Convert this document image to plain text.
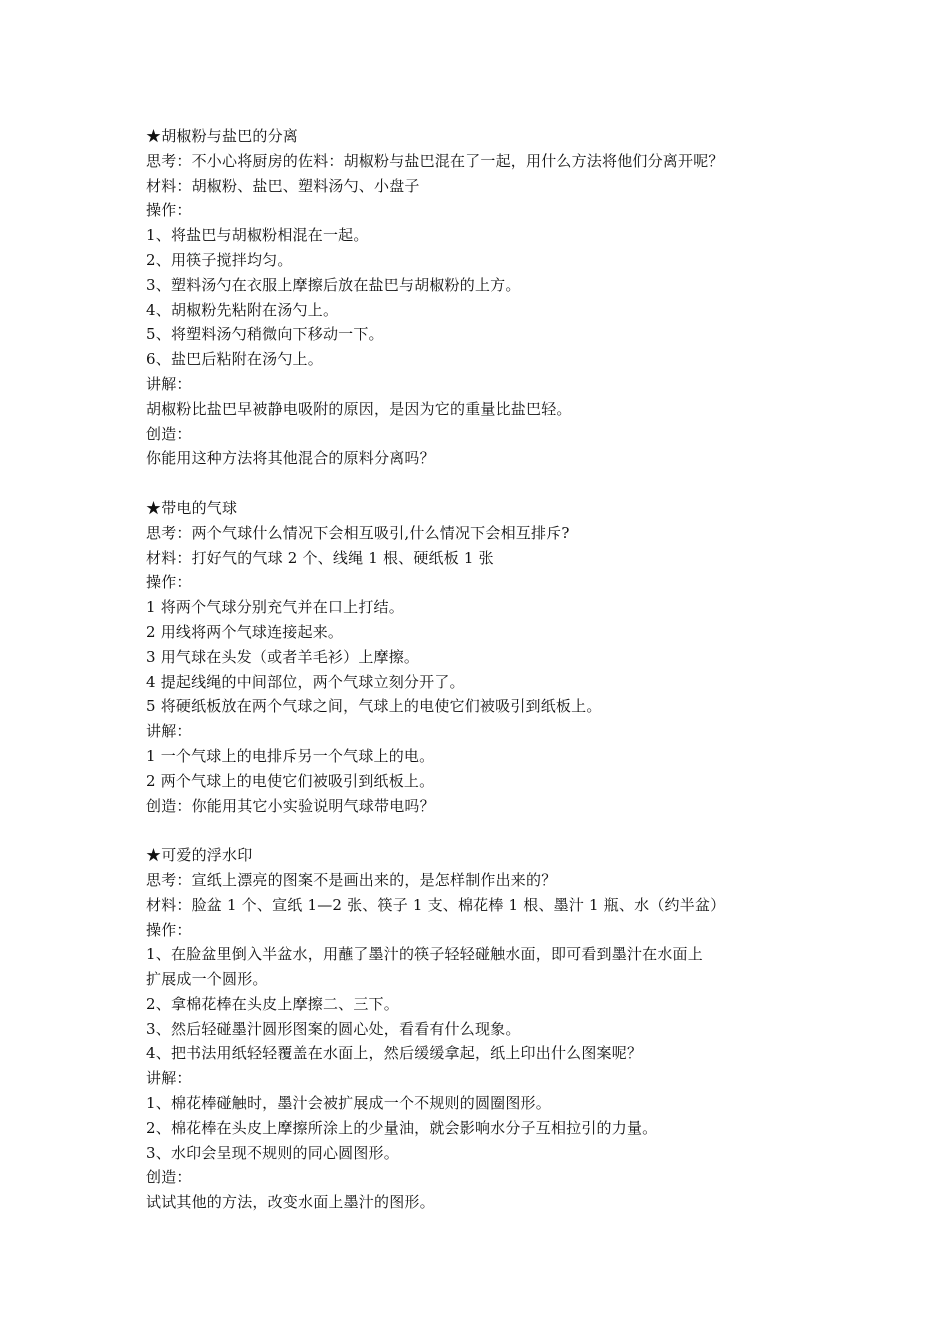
★胡椒粉与盐巴的分离
思考：不小心将厨房的佐料：胡椒粉与盐巴混在了一起，用什么方法将他们分离开呢？
材料：胡椒粉、盐巴、塑料汤勺、小盘子
操作：
1、将盐巴与胡椒粉相混在一起。
2、用筷子搅拌均匀。
3、塑料汤勺在衣服上摩擦后放在盐巴与胡椒粉的上方。
4、胡椒粉先粘附在汤勺上。
5、将塑料汤勺稍微向下移动一下。
6、盐巴后粘附在汤勺上。
讲解：
胡椒粉比盐巴早被静电吸附的原因，是因为它的重量比盐巴轻。
创造：
你能用这种方法将其他混合的原料分离吗？
★带电的气球
思考：两个气球什么情况下会相互吸引,什么情况下会相互排斥?
材料：打好气的气球 2 个、线绳 1 根、硬纸板 1 张
操作：
1 将两个气球分别充气并在口上打结。
2 用线将两个气球连接起来。
3 用气球在头发（或者羊毛衫）上摩擦。
4 提起线绳的中间部位，两个气球立刻分开了。
5 将硬纸板放在两个气球之间，气球上的电使它们被吸引到纸板上。
讲解：
1 一个气球上的电排斥另一个气球上的电。
2 两个气球上的电使它们被吸引到纸板上。
创造：你能用其它小实验说明气球带电吗？
★可爱的浮水印
思考：宣纸上漂亮的图案不是画出来的，是怎样制作出来的？
材料：脸盆 1 个、宣纸 1—2 张、筷子 1 支、棉花棒 1 根、墨汁 1 瓶、水（约半盆）
操作：
1、在脸盆里倒入半盆水，用蘸了墨汁的筷子轻轻碰触水面，即可看到墨汁在水面上
扩展成一个圆形。
2、拿棉花棒在头皮上摩擦二、三下。
3、然后轻碰墨汁圆形图案的圆心处，看看有什么现象。
4、把书法用纸轻轻覆盖在水面上，然后缓缓拿起，纸上印出什么图案呢？
讲解：
1、棉花棒碰触时，墨汁会被扩展成一个不规则的圆圈图形。
2、棉花棒在头皮上摩擦所涂上的少量油，就会影响水分子互相拉引的力量。
3、水印会呈现不规则的同心圆图形。
创造：
试试其他的方法，改变水面上墨汁的图形。
